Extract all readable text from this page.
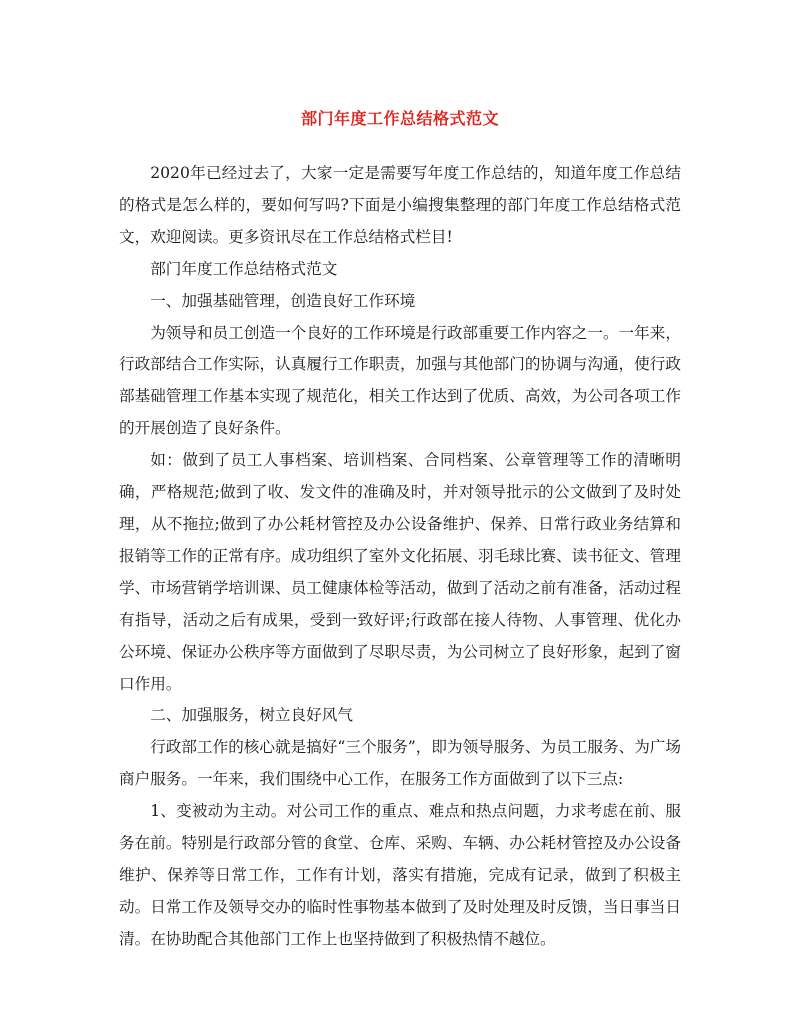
部门年度工作总结格式范文

2020年已经过去了，大家一定是需要写年度工作总结的，知道年度工作总结的格式是怎么样的，要如何写吗?下面是小编搜集整理的部门年度工作总结格式范文，欢迎阅读。更多资讯尽在工作总结格式栏目!

部门年度工作总结格式范文

一、加强基础管理，创造良好工作环境

为领导和员工创造一个良好的工作环境是行政部重要工作内容之一。一年来，行政部结合工作实际，认真履行工作职责，加强与其他部门的协调与沟通，使行政部基础管理工作基本实现了规范化，相关工作达到了优质、高效，为公司各项工作的开展创造了良好条件。

如：做到了员工人事档案、培训档案、合同档案、公章管理等工作的清晰明确，严格规范;做到了收、发文件的准确及时，并对领导批示的公文做到了及时处理，从不拖拉;做到了办公耗材管控及办公设备维护、保养、日常行政业务结算和报销等工作的正常有序。成功组织了室外文化拓展、羽毛球比赛、读书征文、管理学、市场营销学培训课、员工健康体检等活动，做到了活动之前有准备，活动过程有指导，活动之后有成果，受到一致好评;行政部在接人待物、人事管理、优化办公环境、保证办公秩序等方面做到了尽职尽责，为公司树立了良好形象，起到了窗口作用。

二、加强服务，树立良好风气

行政部工作的核心就是搞好“三个服务”，即为领导服务、为员工服务、为广场商户服务。一年来，我们围绕中心工作，在服务工作方面做到了以下三点:

1、变被动为主动。对公司工作的重点、难点和热点问题，力求考虑在前、服务在前。特别是行政部分管的食堂、仓库、采购、车辆、办公耗材管控及办公设备维护、保养等日常工作，工作有计划，落实有措施，完成有记录，做到了积极主动。日常工作及领导交办的临时性事物基本做到了及时处理及时反馈，当日事当日清。在协助配合其他部门工作上也坚持做到了积极热情不越位。
